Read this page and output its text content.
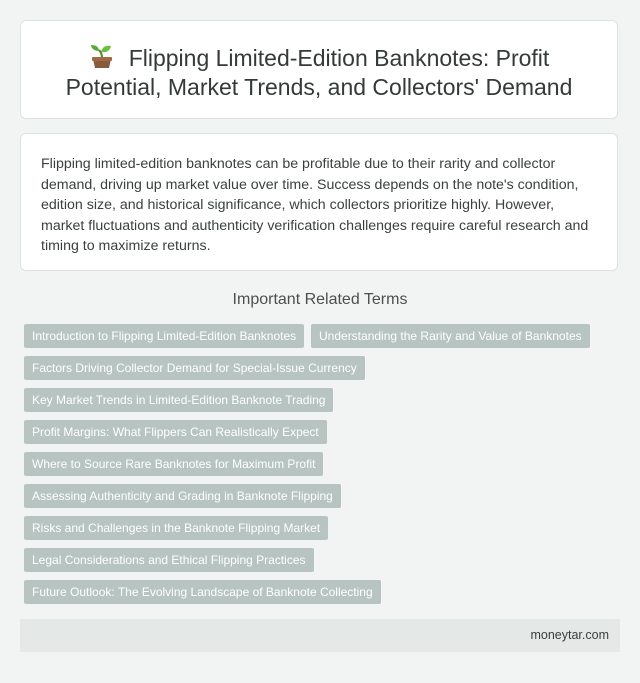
Flipping Limited-Edition Banknotes: Profit Potential, Market Trends, and Collectors' Demand

Flipping limited-edition banknotes can be profitable due to their rarity and collector demand, driving up market value over time. Success depends on the note's condition, edition size, and historical significance, which collectors prioritize highly. However, market fluctuations and authenticity verification challenges require careful research and timing to maximize returns.

Important Related Terms
Introduction to Flipping Limited-Edition Banknotes	Understanding the Rarity and Value of Banknotes
Factors Driving Collector Demand for Special-Issue Currency
Key Market Trends in Limited-Edition Banknote Trading
Profit Margins: What Flippers Can Realistically Expect
Where to Source Rare Banknotes for Maximum Profit
Assessing Authenticity and Grading in Banknote Flipping
Risks and Challenges in the Banknote Flipping Market
Legal Considerations and Ethical Flipping Practices
Future Outlook: The Evolving Landscape of Banknote Collecting
moneytar.com
